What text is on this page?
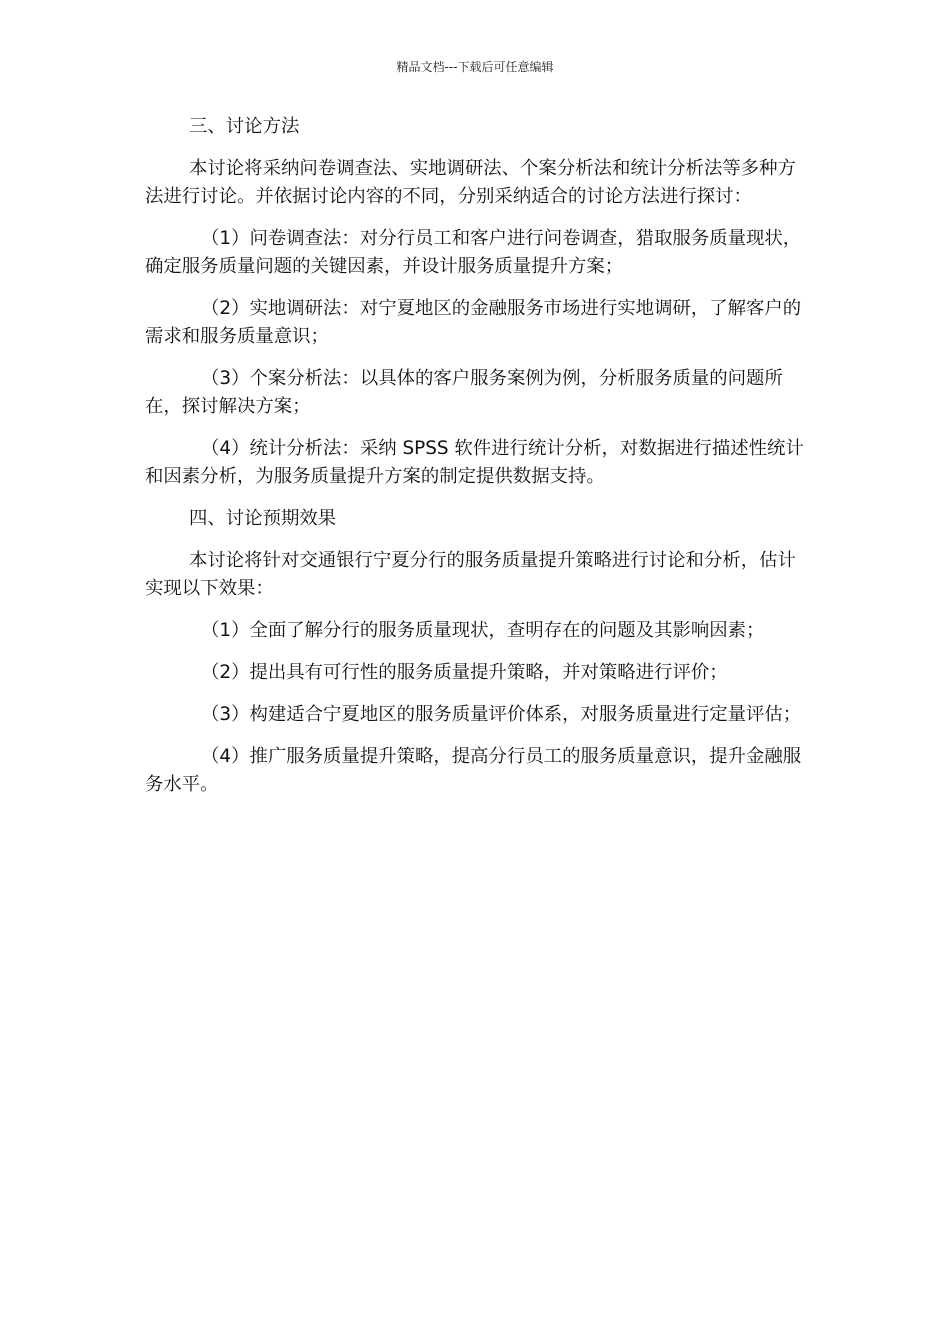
精品文档---下载后可任意编辑

三、讨论方法

本讨论将采纳问卷调查法、实地调研法、个案分析法和统计分析法等多种方法进行讨论。并依据讨论内容的不同，分别采纳适合的讨论方法进行探讨：

（1）问卷调查法：对分行员工和客户进行问卷调查，猎取服务质量现状，确定服务质量问题的关键因素，并设计服务质量提升方案；

（2）实地调研法：对宁夏地区的金融服务市场进行实地调研，了解客户的需求和服务质量意识；

（3）个案分析法：以具体的客户服务案例为例，分析服务质量的问题所在，探讨解决方案；

（4）统计分析法：采纳 SPSS 软件进行统计分析，对数据进行描述性统计和因素分析，为服务质量提升方案的制定提供数据支持。

四、讨论预期效果

本讨论将针对交通银行宁夏分行的服务质量提升策略进行讨论和分析，估计实现以下效果：

（1）全面了解分行的服务质量现状，查明存在的问题及其影响因素；

（2）提出具有可行性的服务质量提升策略，并对策略进行评价；

（3）构建适合宁夏地区的服务质量评价体系，对服务质量进行定量评估；

（4）推广服务质量提升策略，提高分行员工的服务质量意识，提升金融服务水平。
